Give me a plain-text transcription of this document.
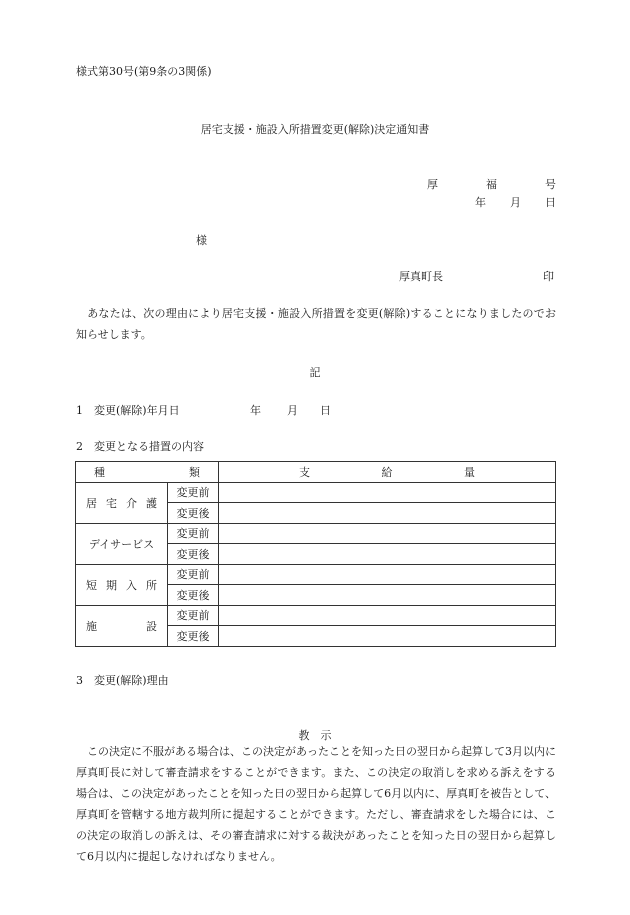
様式第30号(第9条の3関係)
居宅支援・施設入所措置変更(解除)決定通知書
厚	福	号
年 月 日
様
厚真町長	印
　あなたは、次の理由により居宅支援・施設入所措置を変更(解除)することになりましたのでお知らせします。
記
1　変更(解除)年月日	年 月 日
2　変更となる措置の内容
種 類		支 給 量

居 宅 介 護	変更前	
	変更後	

デイサービス	変更前	
	変更後	

短 期 入 所	変更前	
	変更後	

施 設	変更前	
	変更後	
3　変更(解除)理由
教　示
　この決定に不服がある場合は、この決定があったことを知った日の翌日から起算して3月以内に厚真町長に対して審査請求をすることができます。また、この決定の取消しを求める訴えをする場合は、この決定があったことを知った日の翌日から起算して6月以内に、厚真町を被告として、厚真町を管轄する地方裁判所に提起することができます。ただし、審査請求をした場合には、この決定の取消しの訴えは、その審査請求に対する裁決があったことを知った日の翌日から起算して6月以内に提起しなければなりません。
